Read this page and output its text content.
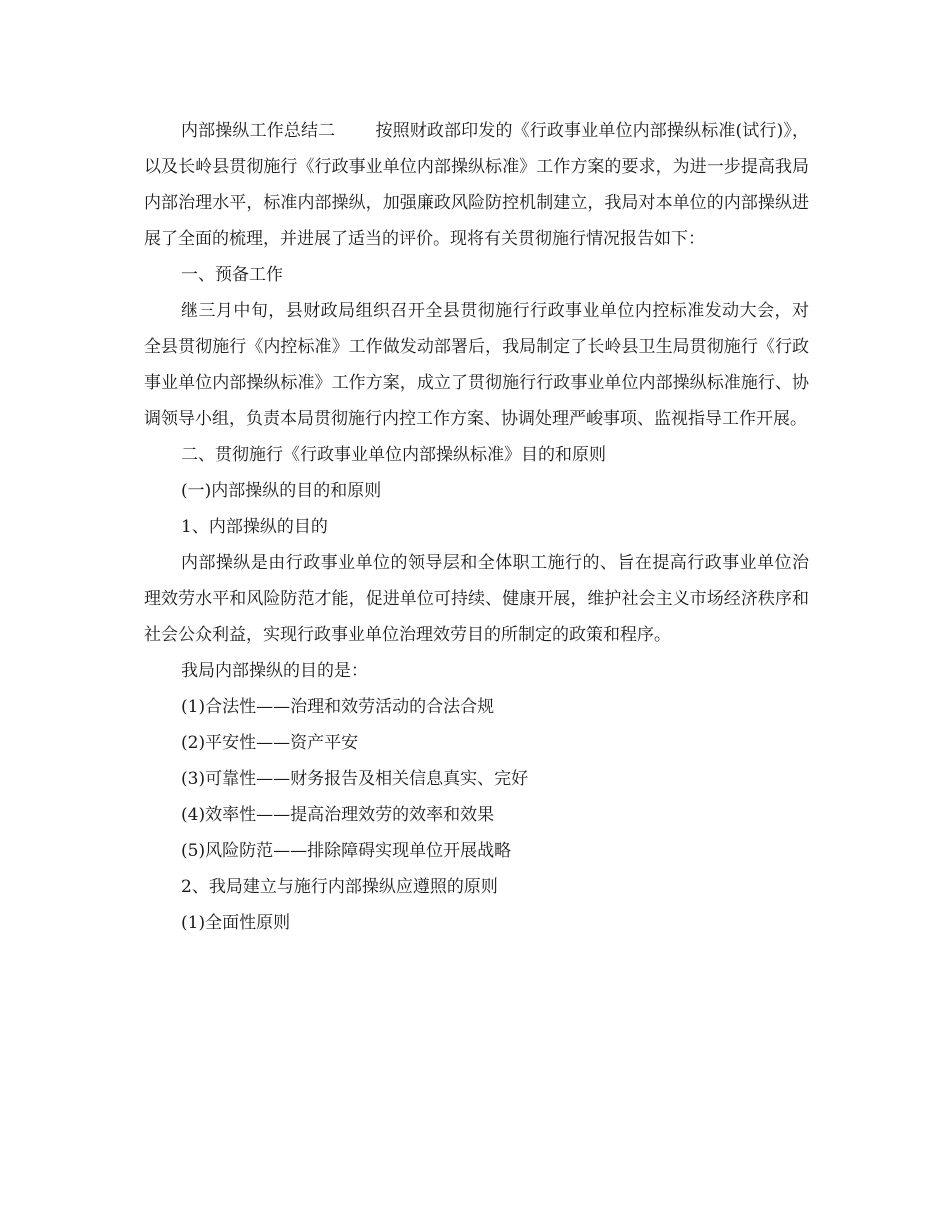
内部操纵工作总结二 按照财政部印发的《行政事业单位内部操纵标准(试行)》，以及长岭县贯彻施行《行政事业单位内部操纵标准》工作方案的要求，为进一步提高我局内部治理水平，标准内部操纵，加强廉政风险防控机制建立，我局对本单位的内部操纵进展了全面的梳理，并进展了适当的评价。现将有关贯彻施行情况报告如下：

一、预备工作

继三月中旬，县财政局组织召开全县贯彻施行行政事业单位内控标准发动大会，对全县贯彻施行《内控标准》工作做发动部署后，我局制定了长岭县卫生局贯彻施行《行政事业单位内部操纵标准》工作方案，成立了贯彻施行行政事业单位内部操纵标准施行、协调领导小组，负责本局贯彻施行内控工作方案、协调处理严峻事项、监视指导工作开展。

二、贯彻施行《行政事业单位内部操纵标准》目的和原则

(一)内部操纵的目的和原则

1、内部操纵的目的

内部操纵是由行政事业单位的领导层和全体职工施行的、旨在提高行政事业单位治理效劳水平和风险防范才能，促进单位可持续、健康开展，维护社会主义市场经济秩序和社会公众利益，实现行政事业单位治理效劳目的所制定的政策和程序。

我局内部操纵的目的是：

(1)合法性——治理和效劳活动的合法合规

(2)平安性——资产平安

(3)可靠性——财务报告及相关信息真实、完好

(4)效率性——提高治理效劳的效率和效果

(5)风险防范——排除障碍实现单位开展战略

2、我局建立与施行内部操纵应遵照的原则

(1)全面性原则
